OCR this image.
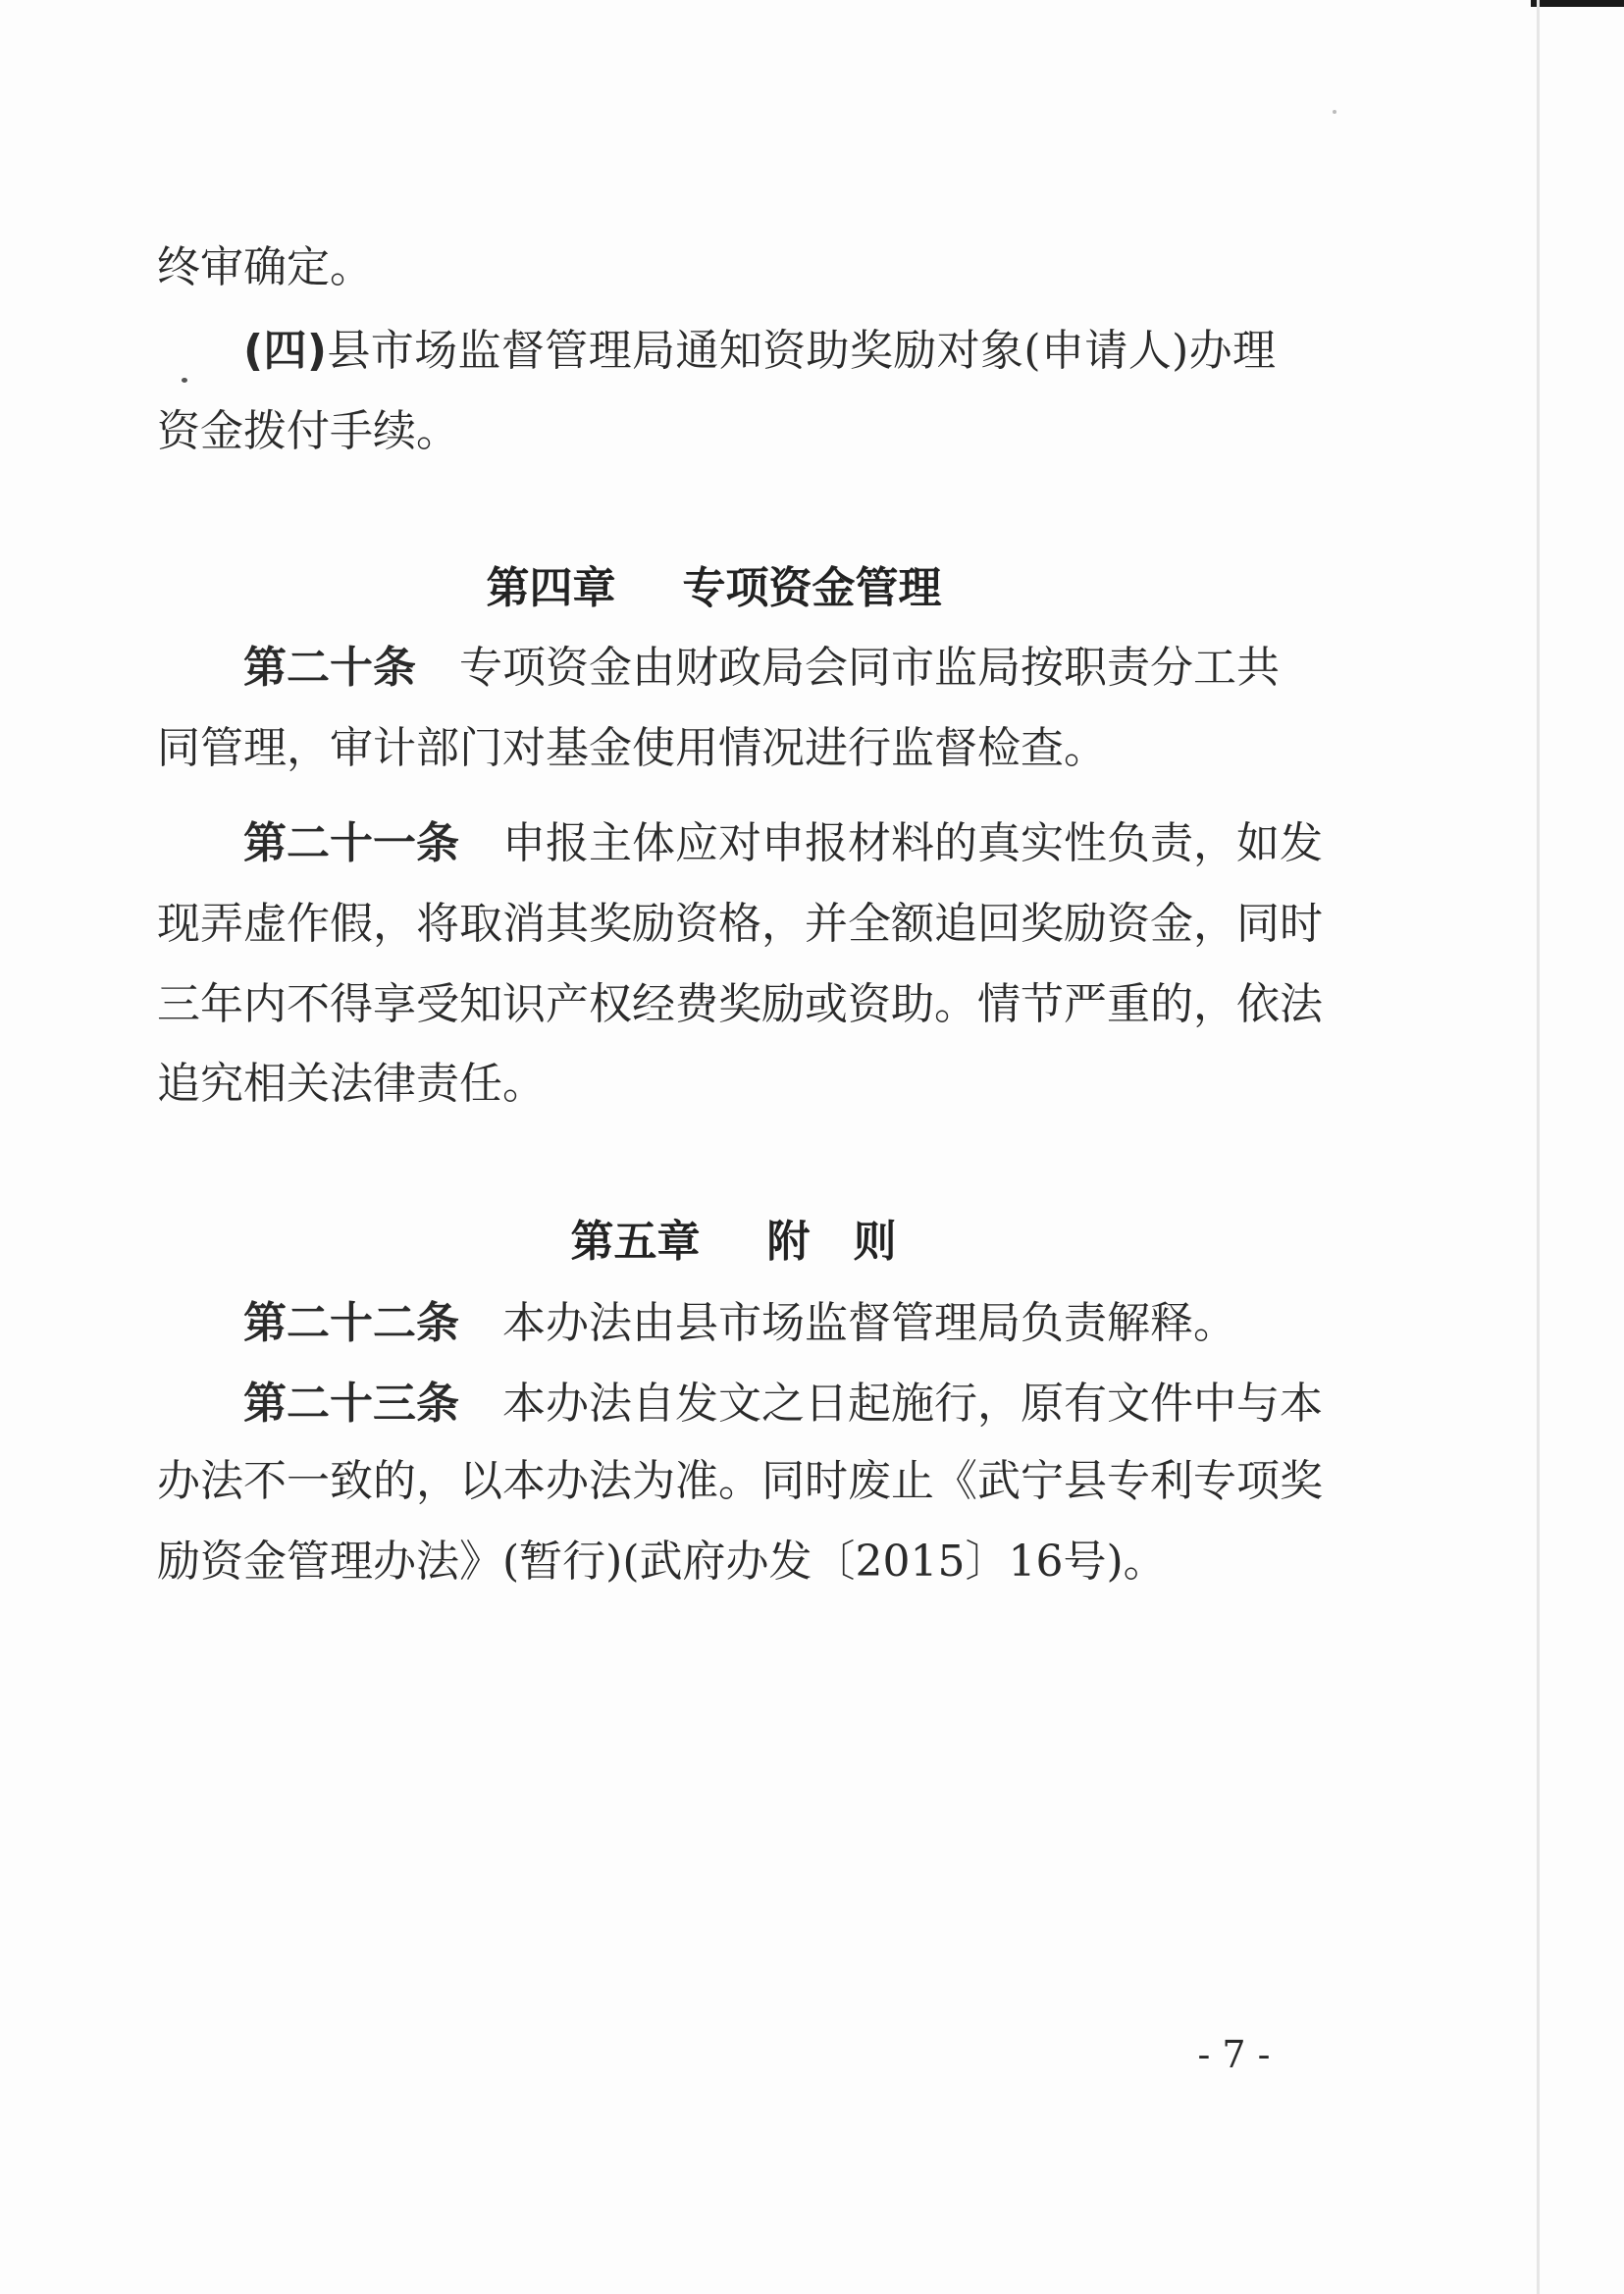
终审确定。
(四)县市场监督管理局通知资助奖励对象(申请人)办理
资金拨付手续。
第二十条　专项资金由财政局会同市监局按职责分工共
同管理，审计部门对基金使用情况进行监督检查。
第二十一条　申报主体应对申报材料的真实性负责，如发
现弄虚作假，将取消其奖励资格，并全额追回奖励资金，同时
三年内不得享受知识产权经费奖励或资助。情节严重的，依法
追究相关法律责任。
第二十二条　本办法由县市场监督管理局负责解释。
第二十三条　本办法自发文之日起施行，原有文件中与本
办法不一致的，以本办法为准。同时废止《武宁县专利专项奖
励资金管理办法》(暂行)(武府办发〔2015〕16号)。
第四章 专项资金管理
第五章 附　则
- 7 -
